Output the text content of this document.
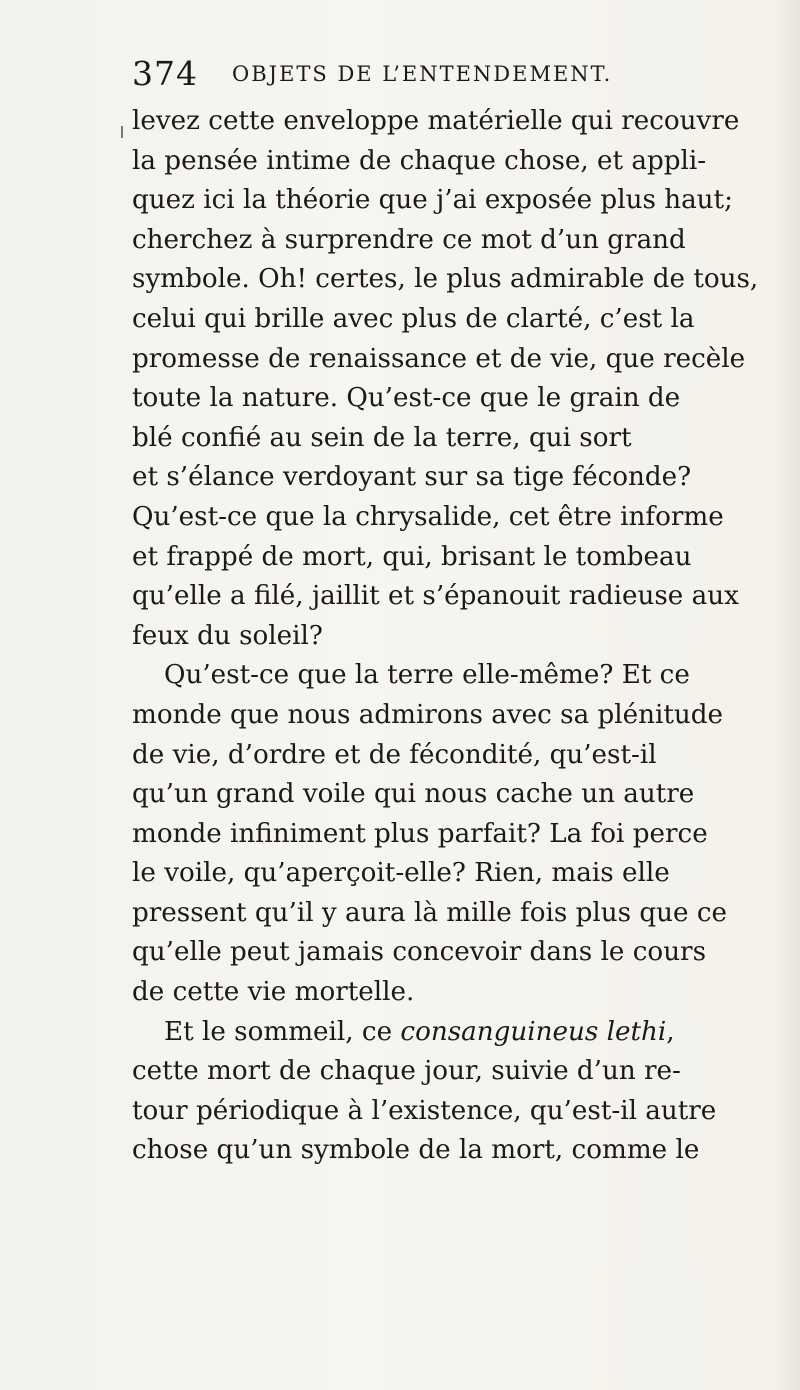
374 OBJETS DE L’ENTENDEMENT.
levez cette enveloppe matérielle qui recouvre
la pensée intime de chaque chose, et appli-
quez ici la théorie que j’ai exposée plus haut;
cherchez à surprendre ce mot d’un grand
symbole. Oh! certes, le plus admirable de tous,
celui qui brille avec plus de clarté, c’est la
promesse de renaissance et de vie, que recèle
toute la nature. Qu’est-ce que le grain de
blé confié au sein de la terre, qui sort
et s’élance verdoyant sur sa tige féconde?
Qu’est-ce que la chrysalide, cet être informe
et frappé de mort, qui, brisant le tombeau
qu’elle a filé, jaillit et s’épanouit radieuse aux
feux du soleil?
Qu’est-ce que la terre elle-même? Et ce
monde que nous admirons avec sa plénitude
de vie, d’ordre et de fécondité, qu’est-il
qu’un grand voile qui nous cache un autre
monde infiniment plus parfait? La foi perce
le voile, qu’aperçoit-elle? Rien, mais elle
pressent qu’il y aura là mille fois plus que ce
qu’elle peut jamais concevoir dans le cours
de cette vie mortelle.
Et le sommeil, ce consanguineus lethi,
cette mort de chaque jour, suivie d’un re-
tour périodique à l’existence, qu’est-il autre
chose qu’un symbole de la mort, comme le
